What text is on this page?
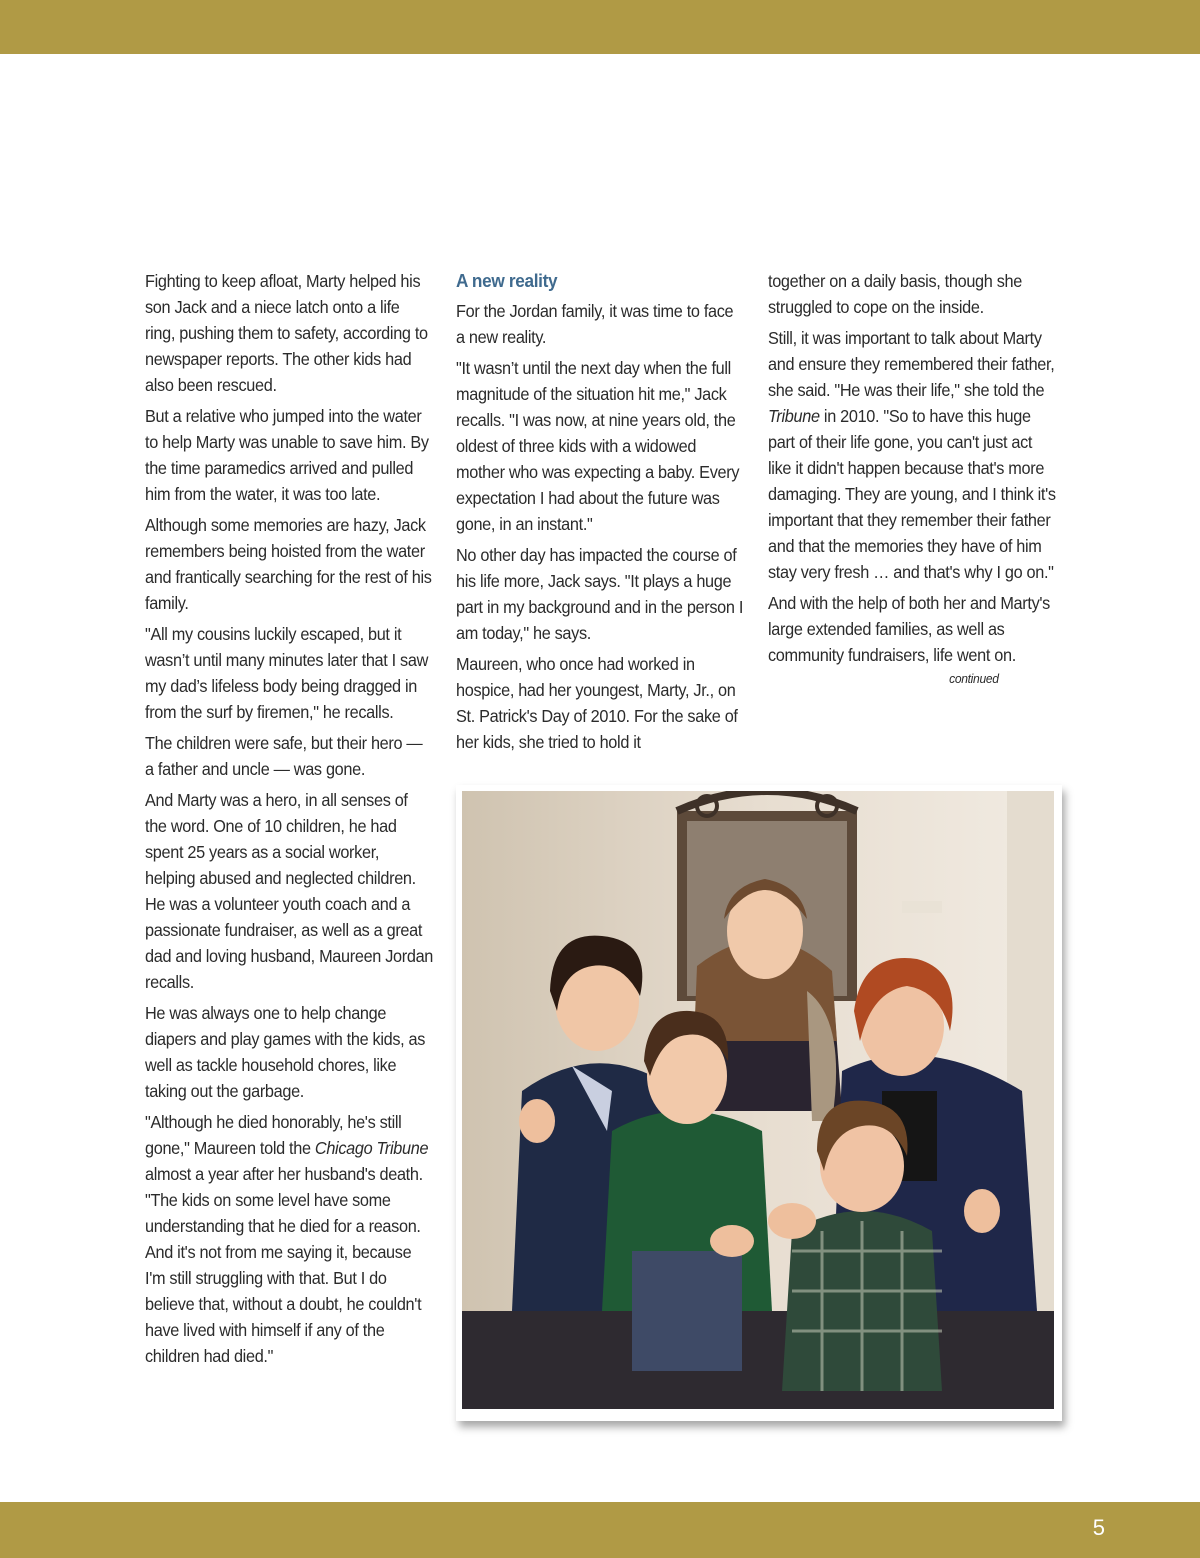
Fighting to keep afloat, Marty helped his son Jack and a niece latch onto a life ring, pushing them to safety, according to newspaper reports. The other kids had also been rescued.

But a relative who jumped into the water to help Marty was unable to save him. By the time paramedics arrived and pulled him from the water, it was too late.

Although some memories are hazy, Jack remembers being hoisted from the water and frantically searching for the rest of his family.

"All my cousins luckily escaped, but it wasn’t until many minutes later that I saw my dad’s lifeless body being dragged in from the surf by firemen," he recalls.

The children were safe, but their hero — a father and uncle — was gone.

And Marty was a hero, in all senses of the word. One of 10 children, he had spent 25 years as a social worker, helping abused and neglected children. He was a volunteer youth coach and a passionate fundraiser, as well as a great dad and loving husband, Maureen Jordan recalls.

He was always one to help change diapers and play games with the kids, as well as tackle household chores, like taking out the garbage.

"Although he died honorably, he's still gone," Maureen told the Chicago Tribune almost a year after her husband's death. "The kids on some level have some understanding that he died for a reason. And it's not from me saying it, because I'm still struggling with that. But I do believe that, without a doubt, he couldn't have lived with himself if any of the children had died."

A new reality

For the Jordan family, it was time to face a new reality.

"It wasn’t until the next day when the full magnitude of the situation hit me," Jack recalls. "I was now, at nine years old, the oldest of three kids with a widowed mother who was expecting a baby. Every expectation I had about the future was gone, in an instant."

No other day has impacted the course of his life more, Jack says. "It plays a huge part in my background and in the person I am today," he says.

Maureen, who once had worked in hospice, had her youngest, Marty, Jr., on St. Patrick's Day of 2010. For the sake of her kids, she tried to hold it

together on a daily basis, though she struggled to cope on the inside.

Still, it was important to talk about Marty and ensure they remembered their father, she said. "He was their life," she told the Tribune in 2010. "So to have this huge part of their life gone, you can't just act like it didn't happen because that's more damaging. They are young, and I think it's important that they remember their father and that the memories they have of him stay very fresh … and that's why I go on."

And with the help of both her and Marty's large extended families, as well as community fundraisers, life went on.

continued
5
